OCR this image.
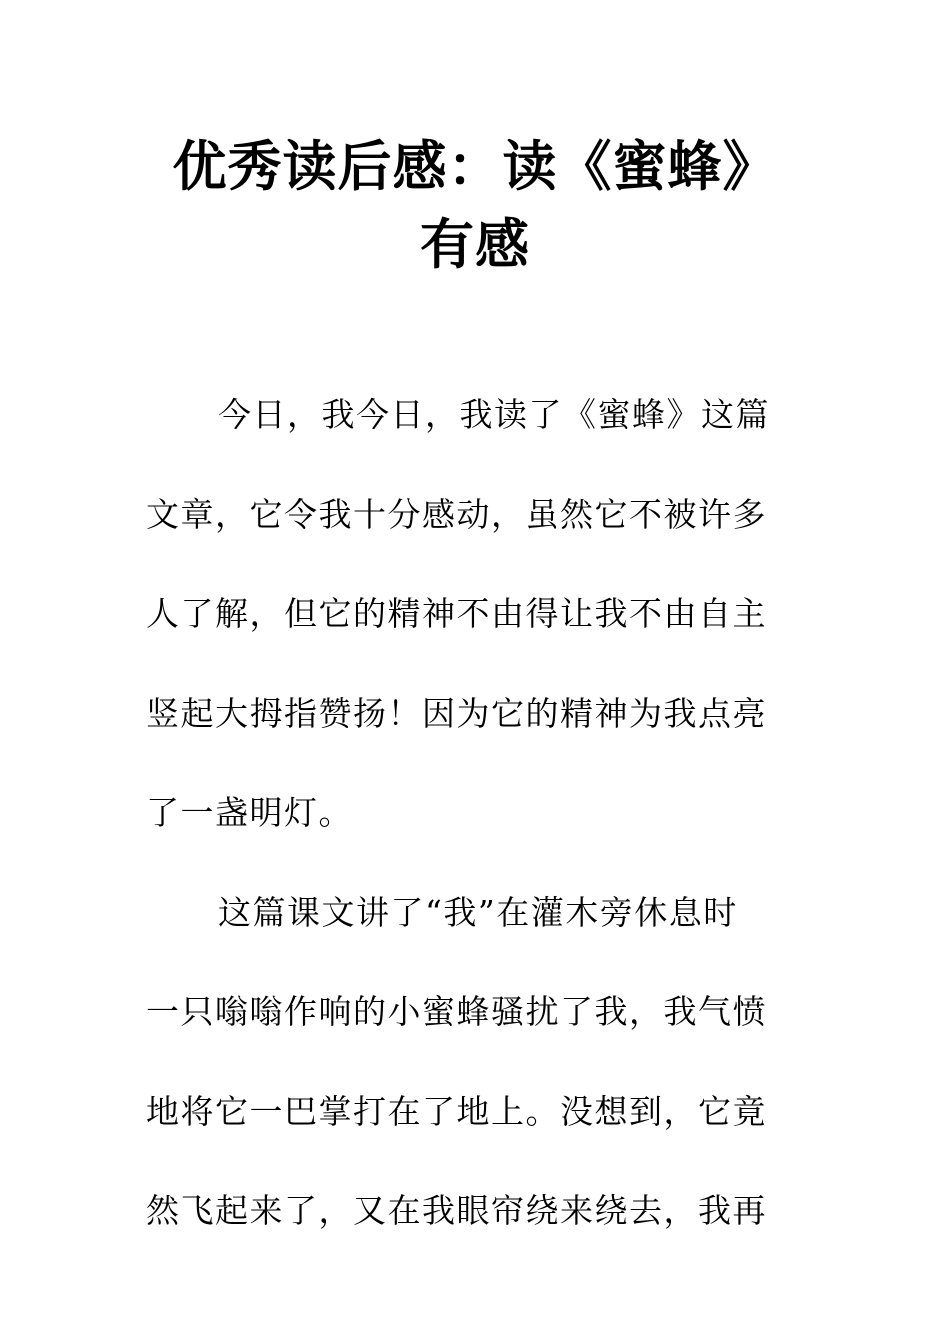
优秀读后感：读《蜜蜂》
有感
今日，我今日，我读了《蜜蜂》这篇
文章，它令我十分感动，虽然它不被许多
人了解，但它的精神不由得让我不由自主
竖起大拇指赞扬！因为它的精神为我点亮
了一盏明灯。
这篇课文讲了“我”在灌木旁休息时
一只嗡嗡作响的小蜜蜂骚扰了我，我气愤
地将它一巴掌打在了地上。没想到，它竟
然飞起来了，又在我眼帘绕来绕去，我再
